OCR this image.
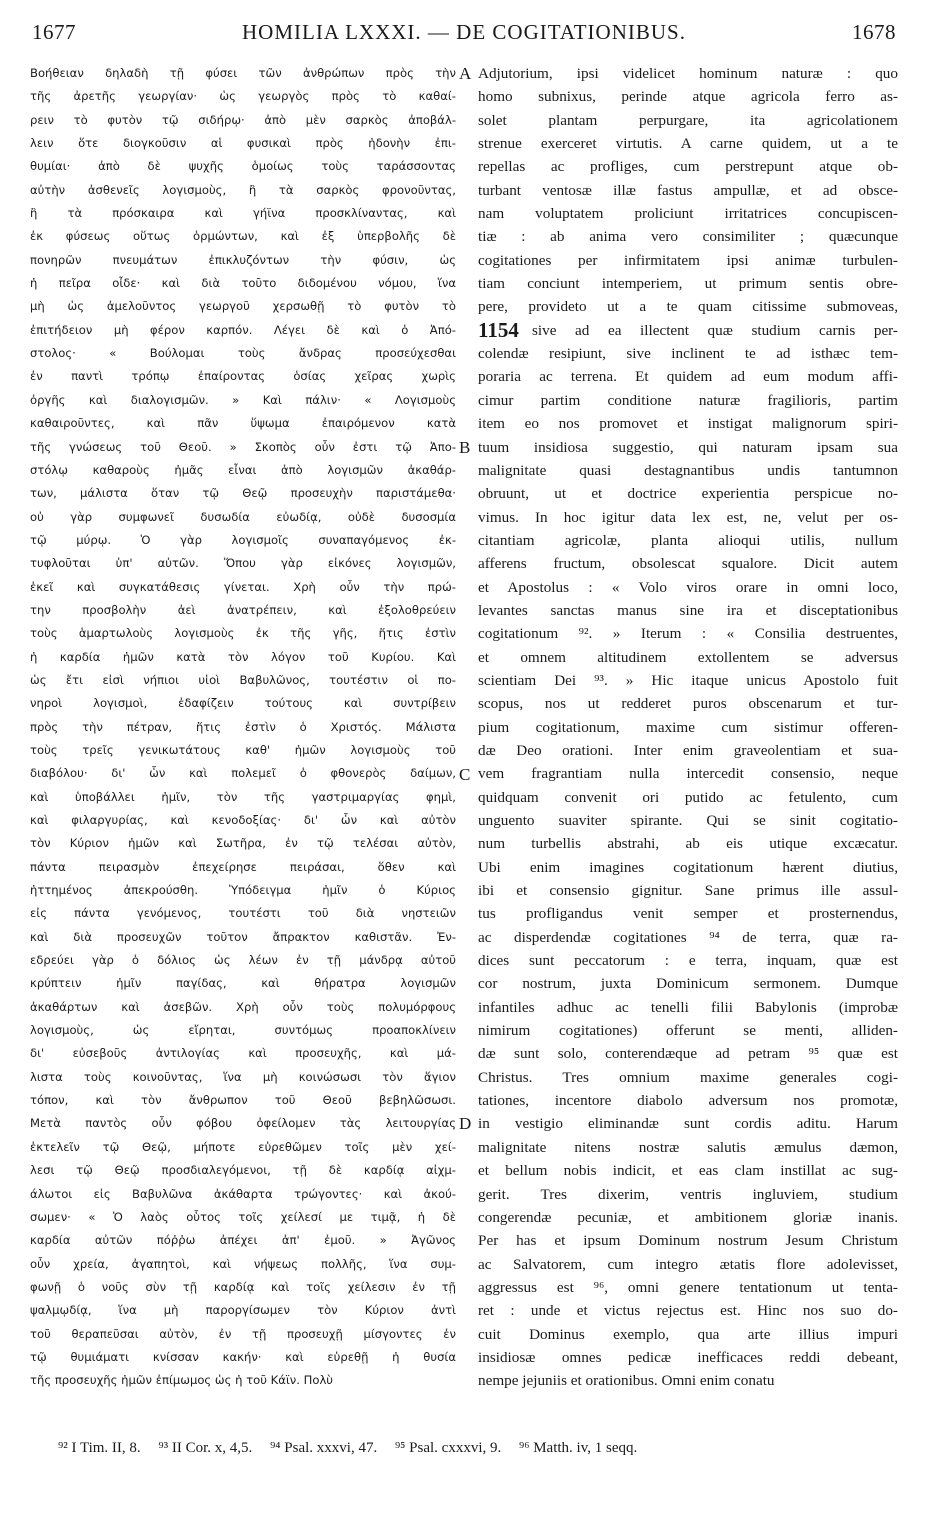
1677	HOMILIA LXXXI. — DE COGITATIONIBUS.	1678
Βοήθειαν δηλαδὴ τῇ φύσει τῶν ἀνθρώπων πρὸς τὴν
τῆς ἀρετῆς γεωργίαν· ὡς γεωργὸς πρὸς τὸ καθαί-
ρειν τὸ φυτὸν τῷ σιδήρῳ· ἀπὸ μὲν σαρκὸς ἀποβάλ-
λειν ὅτε διογκοῦσιν αἱ φυσικαὶ πρὸς ἡδονὴν ἐπι-
θυμίαι· ἀπὸ δὲ ψυχῆς ὁμοίως τοὺς ταράσσοντας
αὐτὴν ἀσθενεῖς λογισμοὺς, ἢ τὰ σαρκὸς φρονοῦντας,
ἢ τὰ πρόσκαιρα καὶ γήϊνα προσκλίναντας, καὶ
ἐκ φύσεως οὕτως ὁρμώντων, καὶ ἐξ ὑπερβολῆς δὲ
πονηρῶν πνευμάτων ἐπικλυζόντων τὴν φύσιν, ὡς
ἡ πεῖρα οἶδε· καὶ διὰ τοῦτο διδομένου νόμου, ἵνα
μὴ ὡς ἀμελοῦντος γεωργοῦ χερσωθῇ τὸ φυτὸν τὸ
ἐπιτήδειον μὴ φέρον καρπόν. Λέγει δὲ καὶ ὁ Ἀπό-
στολος· « Βούλομαι τοὺς ἄνδρας προσεύχεσθαι
ἐν παντὶ τρόπῳ ἐπαίροντας ὁσίας χεῖρας χωρὶς
ὀργῆς καὶ διαλογισμῶν. » Καὶ πάλιν· « Λογισμοὺς
καθαιροῦντες, καὶ πᾶν ὕψωμα ἐπαιρόμενον κατὰ
τῆς γνώσεως τοῦ Θεοῦ. » Σκοπὸς οὖν ἐστι τῷ Ἀπο-
στόλῳ καθαροὺς ἡμᾶς εἶναι ἀπὸ λογισμῶν ἀκαθάρ-
των, μάλιστα ὅταν τῷ Θεῷ προσευχὴν παριστάμεθα·
οὐ γὰρ συμφωνεῖ δυσωδία εὐωδίᾳ, οὐδὲ δυσοσμία
τῷ μύρῳ. Ὁ γὰρ λογισμοῖς συναπαγόμενος ἐκ-
τυφλοῦται ὑπ' αὐτῶν. Ὅπου γὰρ εἰκόνες λογισμῶν,
ἐκεῖ καὶ συγκατάθεσις γίνεται. Χρὴ οὖν τὴν πρώ-
την προσβολὴν ἀεὶ ἀνατρέπειν, καὶ ἐξολοθρεύειν
τοὺς ἁμαρτωλοὺς λογισμοὺς ἐκ τῆς γῆς, ἥτις ἐστὶν
ἡ καρδία ἡμῶν κατὰ τὸν λόγον τοῦ Κυρίου. Καὶ
ὡς ἔτι εἰσὶ νήπιοι υἱοὶ Βαβυλῶνος, τουτέστιν οἱ πο-
νηροὶ λογισμοὶ, ἐδαφίζειν τούτους καὶ συντρίβειν
πρὸς τὴν πέτραν, ἥτις ἐστὶν ὁ Χριστός. Μάλιστα
τοὺς τρεῖς γενικωτάτους καθ' ἡμῶν λογισμοὺς τοῦ
διαβόλου· δι' ὧν καὶ πολεμεῖ ὁ φθονερὸς δαίμων,
καὶ ὑποβάλλει ἡμῖν, τὸν τῆς γαστριμαργίας φημὶ,
καὶ φιλαργυρίας, καὶ κενοδοξίας· δι' ὧν καὶ αὐτὸν
τὸν Κύριον ἡμῶν καὶ Σωτῆρα, ἐν τῷ τελέσαι αὐτὸν,
πάντα πειρασμὸν ἐπεχείρησε πειράσαι, ὅθεν καὶ
ἡττημένος ἀπεκρούσθη. Ὑπόδειγμα ἡμῖν ὁ Κύριος
εἰς πάντα γενόμενος, τουτέστι τοῦ διὰ νηστειῶν
καὶ διὰ προσευχῶν τοῦτον ἄπρακτον καθιστᾶν. Ἐν-
εδρεύει γὰρ ὁ δόλιος ὡς λέων ἐν τῇ μάνδρᾳ αὐτοῦ
κρύπτειν ἡμῖν παγίδας, καὶ θήρατρα λογισμῶν
ἀκαθάρτων καὶ ἀσεβῶν. Χρὴ οὖν τοὺς πολυμόρφους
λογισμοὺς, ὡς εἴρηται, συντόμως προαποκλίνειν
δι' εὐσεβοῦς ἀντιλογίας καὶ προσευχῆς, καὶ μά-
λιστα τοὺς κοινοῦντας, ἵνα μὴ κοινώσωσι τὸν ἅγιον
τόπον, καὶ τὸν ἄνθρωπον τοῦ Θεοῦ βεβηλῶσωσι.
Μετὰ παντὸς οὖν φόβου ὀφείλομεν τὰς λειτουργίας
ἐκτελεῖν τῷ Θεῷ, μήποτε εὑρεθῶμεν τοῖς μὲν χεί-
λεσι τῷ Θεῷ προσδιαλεγόμενοι, τῇ δὲ καρδίᾳ αἰχμ-
άλωτοι εἰς Βαβυλῶνα ἀκάθαρτα τρώγοντες· καὶ ἀκού-
σωμεν· « Ὁ λαὸς οὗτος τοῖς χείλεσί με τιμᾷ, ἡ δὲ
καρδία αὐτῶν πόῤῥω ἀπέχει ἀπ' ἐμοῦ. » Ἀγῶνος
οὖν χρεία, ἀγαπητοὶ, καὶ νήψεως πολλῆς, ἵνα συμ-
φωνῇ ὁ νοῦς σὺν τῇ καρδίᾳ καὶ τοῖς χείλεσιν ἐν τῇ
ψαλμῳδίᾳ, ἵνα μὴ παροργίσωμεν τὸν Κύριον ἀντὶ
τοῦ θεραπεῦσαι αὐτὸν, ἐν τῇ προσευχῇ μίσγοντες ἐν
τῷ θυμιάματι κνίσσαν κακήν· καὶ εὑρεθῇ ἡ θυσία
τῆς προσευχῆς ἡμῶν ἐπίμωμος ὡς ἡ τοῦ Κάϊν. Πολὺ
Adjutorium, ipsi videlicet hominum naturæ : quo
homo subnixus, perinde atque agricola ferro as-
solet plantam perpurgare, ita agricolationem
strenue exerceret virtutis. A carne quidem, ut a te
repellas ac profliges, cum perstrepunt atque ob-
turbant ventosæ illæ fastus ampullæ, et ad obsce-
nam voluptatem proliciunt irritatrices concupiscen-
tiæ : ab anima vero consimiliter ; quæcunque
cogitationes per infirmitatem ipsi animæ turbulen-
tiam conciunt intemperiem, ut primum sentis obre-
pere, provideto ut a te quam citissime submoveas,
sive ad ea illectent quæ studium carnis per-
colendæ resipiunt, sive inclinent te ad isthæc tem-
poraria ac terrena. Et quidem ad eum modum affi-
cimur partim conditione naturæ fragilioris, partim
item eo nos promovet et instigat malignorum spiri-
tuum insidiosa suggestio, qui naturam ipsam sua
malignitate quasi destagnantibus undis tantumnon
obruunt, ut et doctrice experientia perspicue no-
vimus. In hoc igitur data lex est, ne, velut per os-
citantiam agricolæ, planta alioqui utilis, nullum
afferens fructum, obsolescat squalore. Dicit autem
et Apostolus : « Volo viros orare in omni loco,
levantes sanctas manus sine ira et disceptationibus
cogitationum ⁹². » Iterum : « Consilia destruentes,
et omnem altitudinem extollentem se adversus
scientiam Dei ⁹³. » Hic itaque unicus Apostolo fuit
scopus, nos ut redderet puros obscenarum et tur-
pium cogitationum, maxime cum sistimur offeren-
dæ Deo orationi. Inter enim graveolentiam et sua-
vem fragrantiam nulla intercedit consensio, neque
quidquam convenit ori putido ac fetulento, cum
unguento suaviter spirante. Qui se sinit cogitatio-
num turbellis abstrahi, ab eis utique excæcatur.
Ubi enim imagines cogitationum hærent diutius,
ibi et consensio gignitur. Sane primus ille assul-
tus profligandus venit semper et prosternendus,
ac disperdendæ cogitationes ⁹⁴ de terra, quæ ra-
dices sunt peccatorum : e terra, inquam, quæ est
cor nostrum, juxta Dominicum sermonem. Dumque
infantiles adhuc ac tenelli filii Babylonis (improbæ
nimirum cogitationes) offerunt se menti, alliden-
dæ sunt solo, conterendæque ad petram ⁹⁵ quæ est
Christus. Tres omnium maxime generales cogi-
tationes, incentore diabolo adversum nos promotæ,
in vestigio eliminandæ sunt cordis aditu. Harum
malignitate nitens nostræ salutis æmulus dæmon,
et bellum nobis indicit, et eas clam instillat ac sug-
gerit. Tres dixerim, ventris ingluviem, studium
congerendæ pecuniæ, et ambitionem gloriæ inanis.
Per has et ipsum Dominum nostrum Jesum Christum
ac Salvatorem, cum integro ætatis flore adolevisset,
aggressus est ⁹⁶, omni genere tentationum ut tenta-
ret : unde et victus rejectus est. Hinc nos suo do-
cuit Dominus exemplo, qua arte illius impuri
insidiosæ omnes pedicæ inefficaces reddi debeant,
nempe jejuniis et orationibus. Omni enim conatu
A
B
C
D
1154
⁹² I Tim. II, 8. ⁹³ II Cor. x, 4,5. ⁹⁴ Psal. xxxvi, 47. ⁹⁵ Psal. cxxxvi, 9. ⁹⁶ Matth. iv, 1 seqq.
